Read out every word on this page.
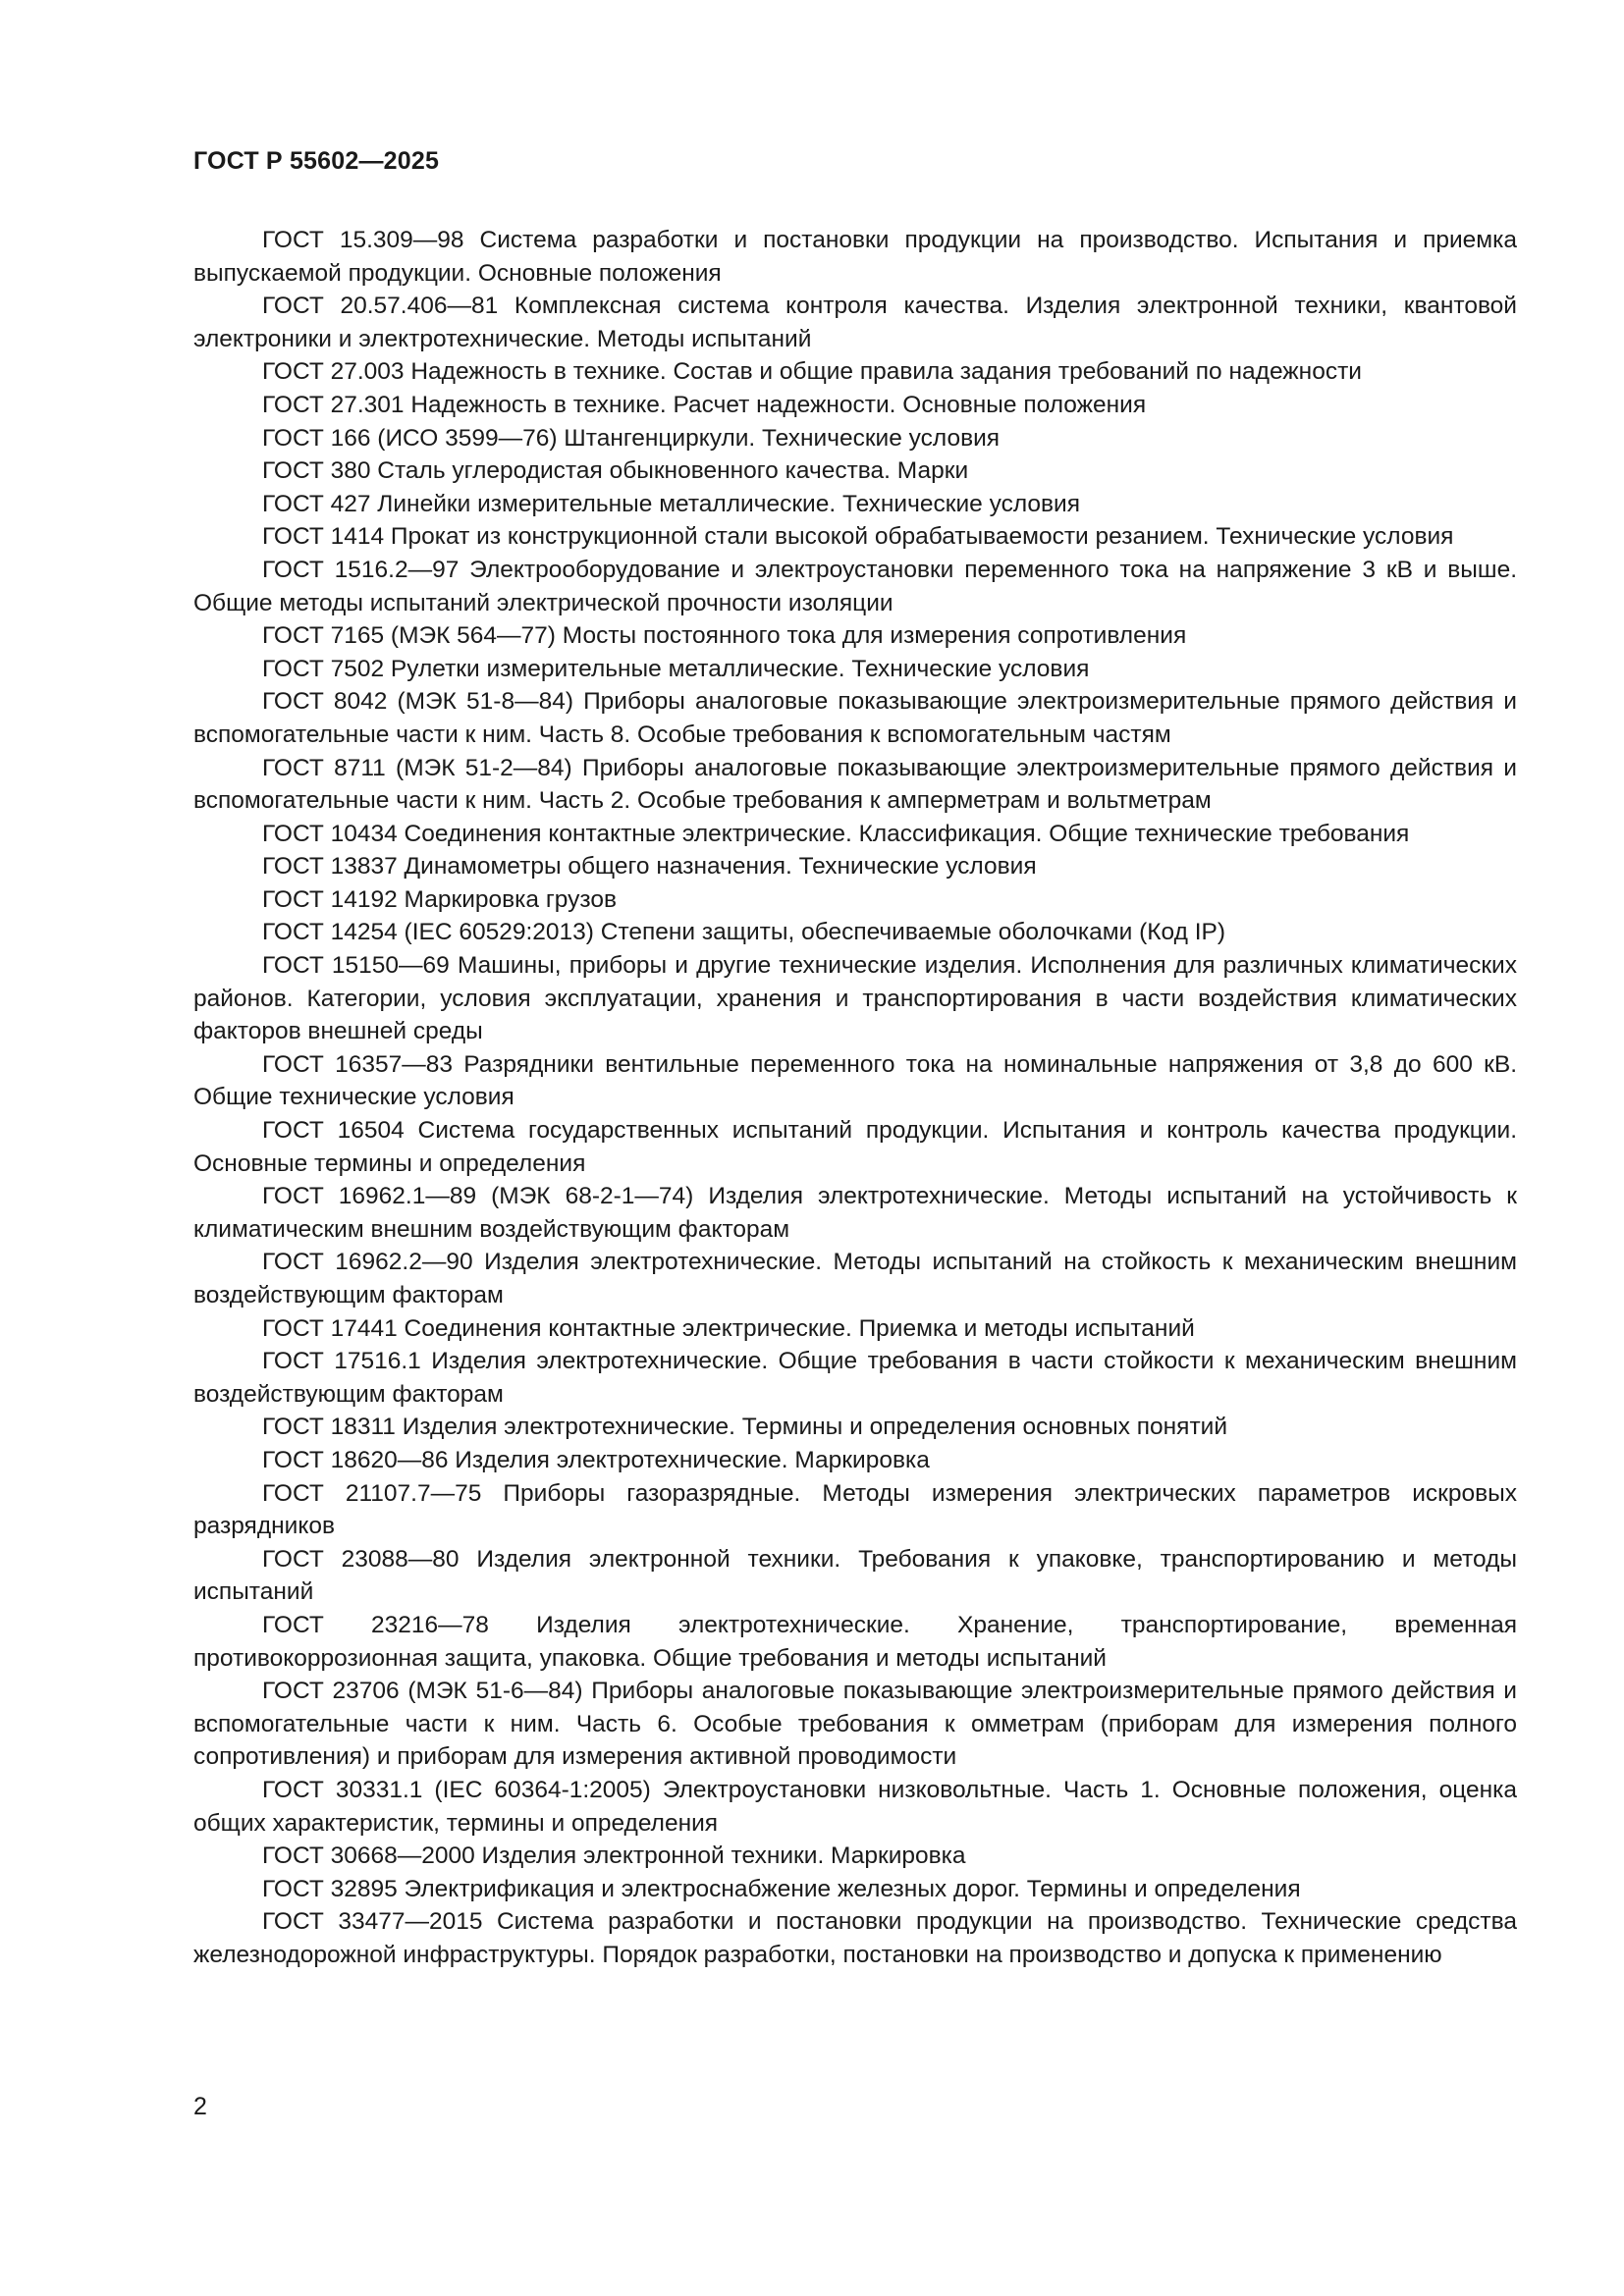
ГОСТ Р 55602—2025

ГОСТ 15.309—98 Система разработки и постановки продукции на производство. Испытания и приемка выпускаемой продукции. Основные положения

ГОСТ 20.57.406—81 Комплексная система контроля качества. Изделия электронной техники, квантовой электроники и электротехнические. Методы испытаний

ГОСТ 27.003 Надежность в технике. Состав и общие правила задания требований по надежности

ГОСТ 27.301 Надежность в технике. Расчет надежности. Основные положения

ГОСТ 166 (ИСО 3599—76) Штангенциркули. Технические условия

ГОСТ 380 Сталь углеродистая обыкновенного качества. Марки

ГОСТ 427 Линейки измерительные металлические. Технические условия

ГОСТ 1414 Прокат из конструкционной стали высокой обрабатываемости резанием. Технические условия

ГОСТ 1516.2—97 Электрооборудование и электроустановки переменного тока на напряжение 3 кВ и выше. Общие методы испытаний электрической прочности изоляции

ГОСТ 7165 (МЭК 564—77) Мосты постоянного тока для измерения сопротивления

ГОСТ 7502 Рулетки измерительные металлические. Технические условия

ГОСТ 8042 (МЭК 51-8—84) Приборы аналоговые показывающие электроизмерительные прямого действия и вспомогательные части к ним. Часть 8. Особые требования к вспомогательным частям

ГОСТ 8711 (МЭК 51-2—84) Приборы аналоговые показывающие электроизмерительные прямого действия и вспомогательные части к ним. Часть 2. Особые требования к амперметрам и вольтметрам

ГОСТ 10434 Соединения контактные электрические. Классификация. Общие технические требования

ГОСТ 13837 Динамометры общего назначения. Технические условия

ГОСТ 14192 Маркировка грузов

ГОСТ 14254 (IEC 60529:2013) Степени защиты, обеспечиваемые оболочками (Код IP)

ГОСТ 15150—69 Машины, приборы и другие технические изделия. Исполнения для различных климатических районов. Категории, условия эксплуатации, хранения и транспортирования в части воздействия климатических факторов внешней среды

ГОСТ 16357—83 Разрядники вентильные переменного тока на номинальные напряжения от 3,8 до 600 кВ. Общие технические условия

ГОСТ 16504 Система государственных испытаний продукции. Испытания и контроль качества продукции. Основные термины и определения

ГОСТ 16962.1—89 (МЭК 68-2-1—74) Изделия электротехнические. Методы испытаний на устойчивость к климатическим внешним воздействующим факторам

ГОСТ 16962.2—90 Изделия электротехнические. Методы испытаний на стойкость к механическим внешним воздействующим факторам

ГОСТ 17441 Соединения контактные электрические. Приемка и методы испытаний

ГОСТ 17516.1 Изделия электротехнические. Общие требования в части стойкости к механическим внешним воздействующим факторам

ГОСТ 18311 Изделия электротехнические. Термины и определения основных понятий

ГОСТ 18620—86 Изделия электротехнические. Маркировка

ГОСТ 21107.7—75 Приборы газоразрядные. Методы измерения электрических параметров искровых разрядников

ГОСТ 23088—80 Изделия электронной техники. Требования к упаковке, транспортированию и методы испытаний

ГОСТ 23216—78 Изделия электротехнические. Хранение, транспортирование, временная противокоррозионная защита, упаковка. Общие требования и методы испытаний

ГОСТ 23706 (МЭК 51-6—84) Приборы аналоговые показывающие электроизмерительные прямого действия и вспомогательные части к ним. Часть 6. Особые требования к омметрам (приборам для измерения полного сопротивления) и приборам для измерения активной проводимости

ГОСТ 30331.1 (IEC 60364-1:2005) Электроустановки низковольтные. Часть 1. Основные положения, оценка общих характеристик, термины и определения

ГОСТ 30668—2000 Изделия электронной техники. Маркировка

ГОСТ 32895 Электрификация и электроснабжение железных дорог. Термины и определения

ГОСТ 33477—2015 Система разработки и постановки продукции на производство. Технические средства железнодорожной инфраструктуры. Порядок разработки, постановки на производство и допуска к применению

2
